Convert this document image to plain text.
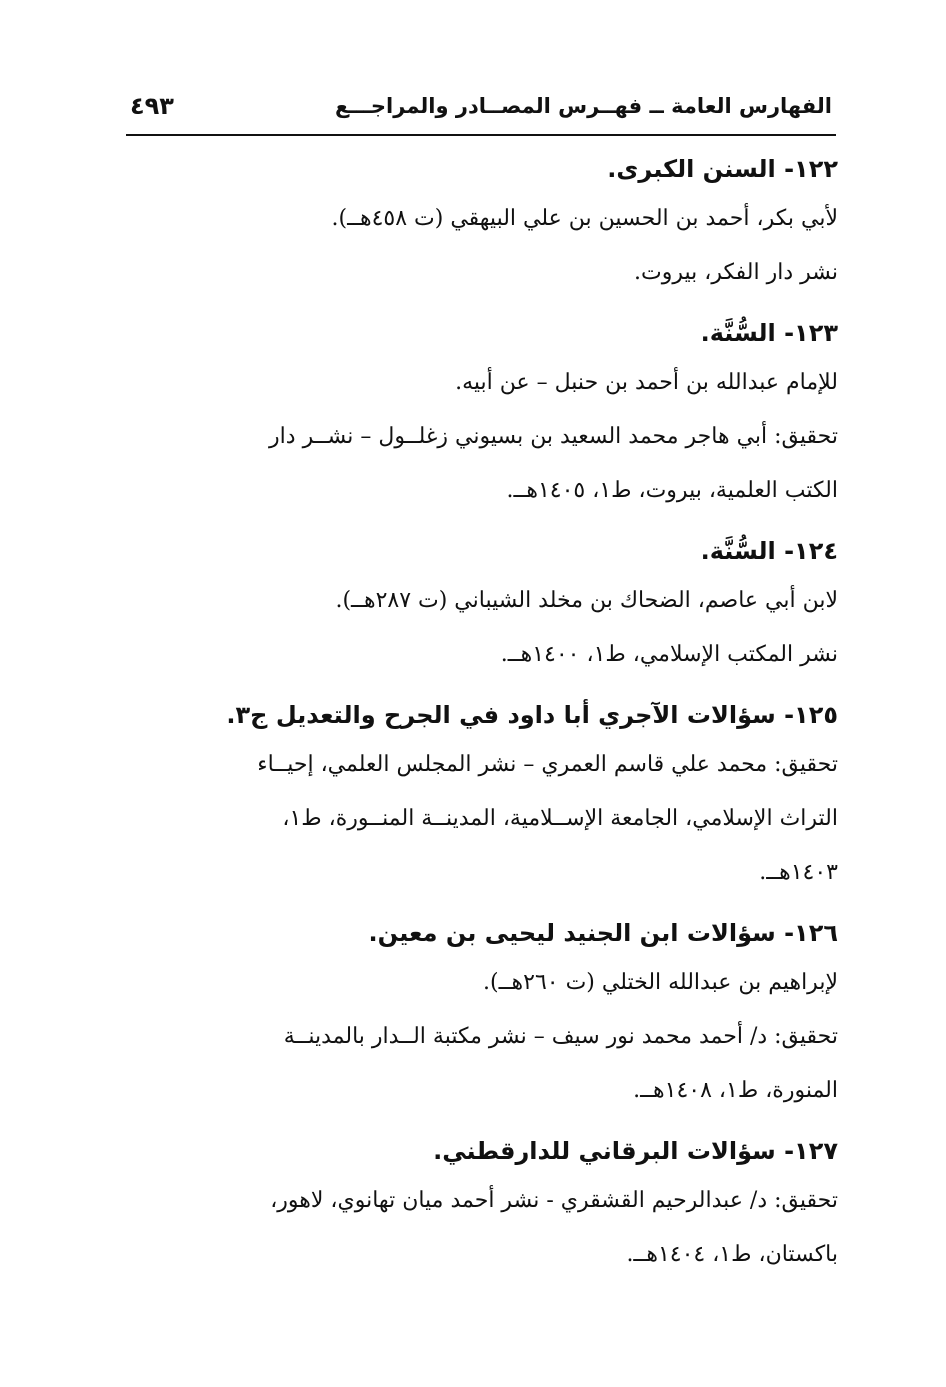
الفهارس العامة ــ فهــرس المصــادر والمراجـــع
٤٩٣
١٢٢- السنن الكبرى.
لأبي بكر، أحمد بن الحسين بن علي البيهقي (ت ٤٥٨هــ).
نشر دار الفكر، بيروت.
١٢٣- السُّنَّة.
للإمام عبدالله بن أحمد بن حنبل – عن أبيه.
تحقيق: أبي هاجر محمد السعيد بن بسيوني زغلــول – نشــر دار
الكتب العلمية، بيروت، ط١، ١٤٠٥هــ.
١٢٤- السُّنَّة.
لابن أبي عاصم، الضحاك بن مخلد الشيباني (ت ٢٨٧هــ).
نشر المكتب الإسلامي، ط١، ١٤٠٠هــ.
١٢٥- سؤالات الآجري أبا داود في الجرح والتعديل ج٣.
تحقيق: محمد علي قاسم العمري – نشر المجلس العلمي، إحيــاء
التراث الإسلامي، الجامعة الإســلامية، المدينــة المنــورة، ط١،
١٤٠٣هــ.
١٢٦- سؤالات ابن الجنيد ليحيى بن معين.
لإبراهيم بن عبدالله الختلي (ت ٢٦٠هــ).
تحقيق: د/ أحمد محمد نور سيف – نشر مكتبة الــدار بالمدينــة
المنورة، ط١، ١٤٠٨هــ.
١٢٧- سؤالات البرقاني للدارقطني.
تحقيق: د/ عبدالرحيم القشقري - نشر أحمد ميان تهانوي، لاهور،
باكستان، ط١، ١٤٠٤هــ.
